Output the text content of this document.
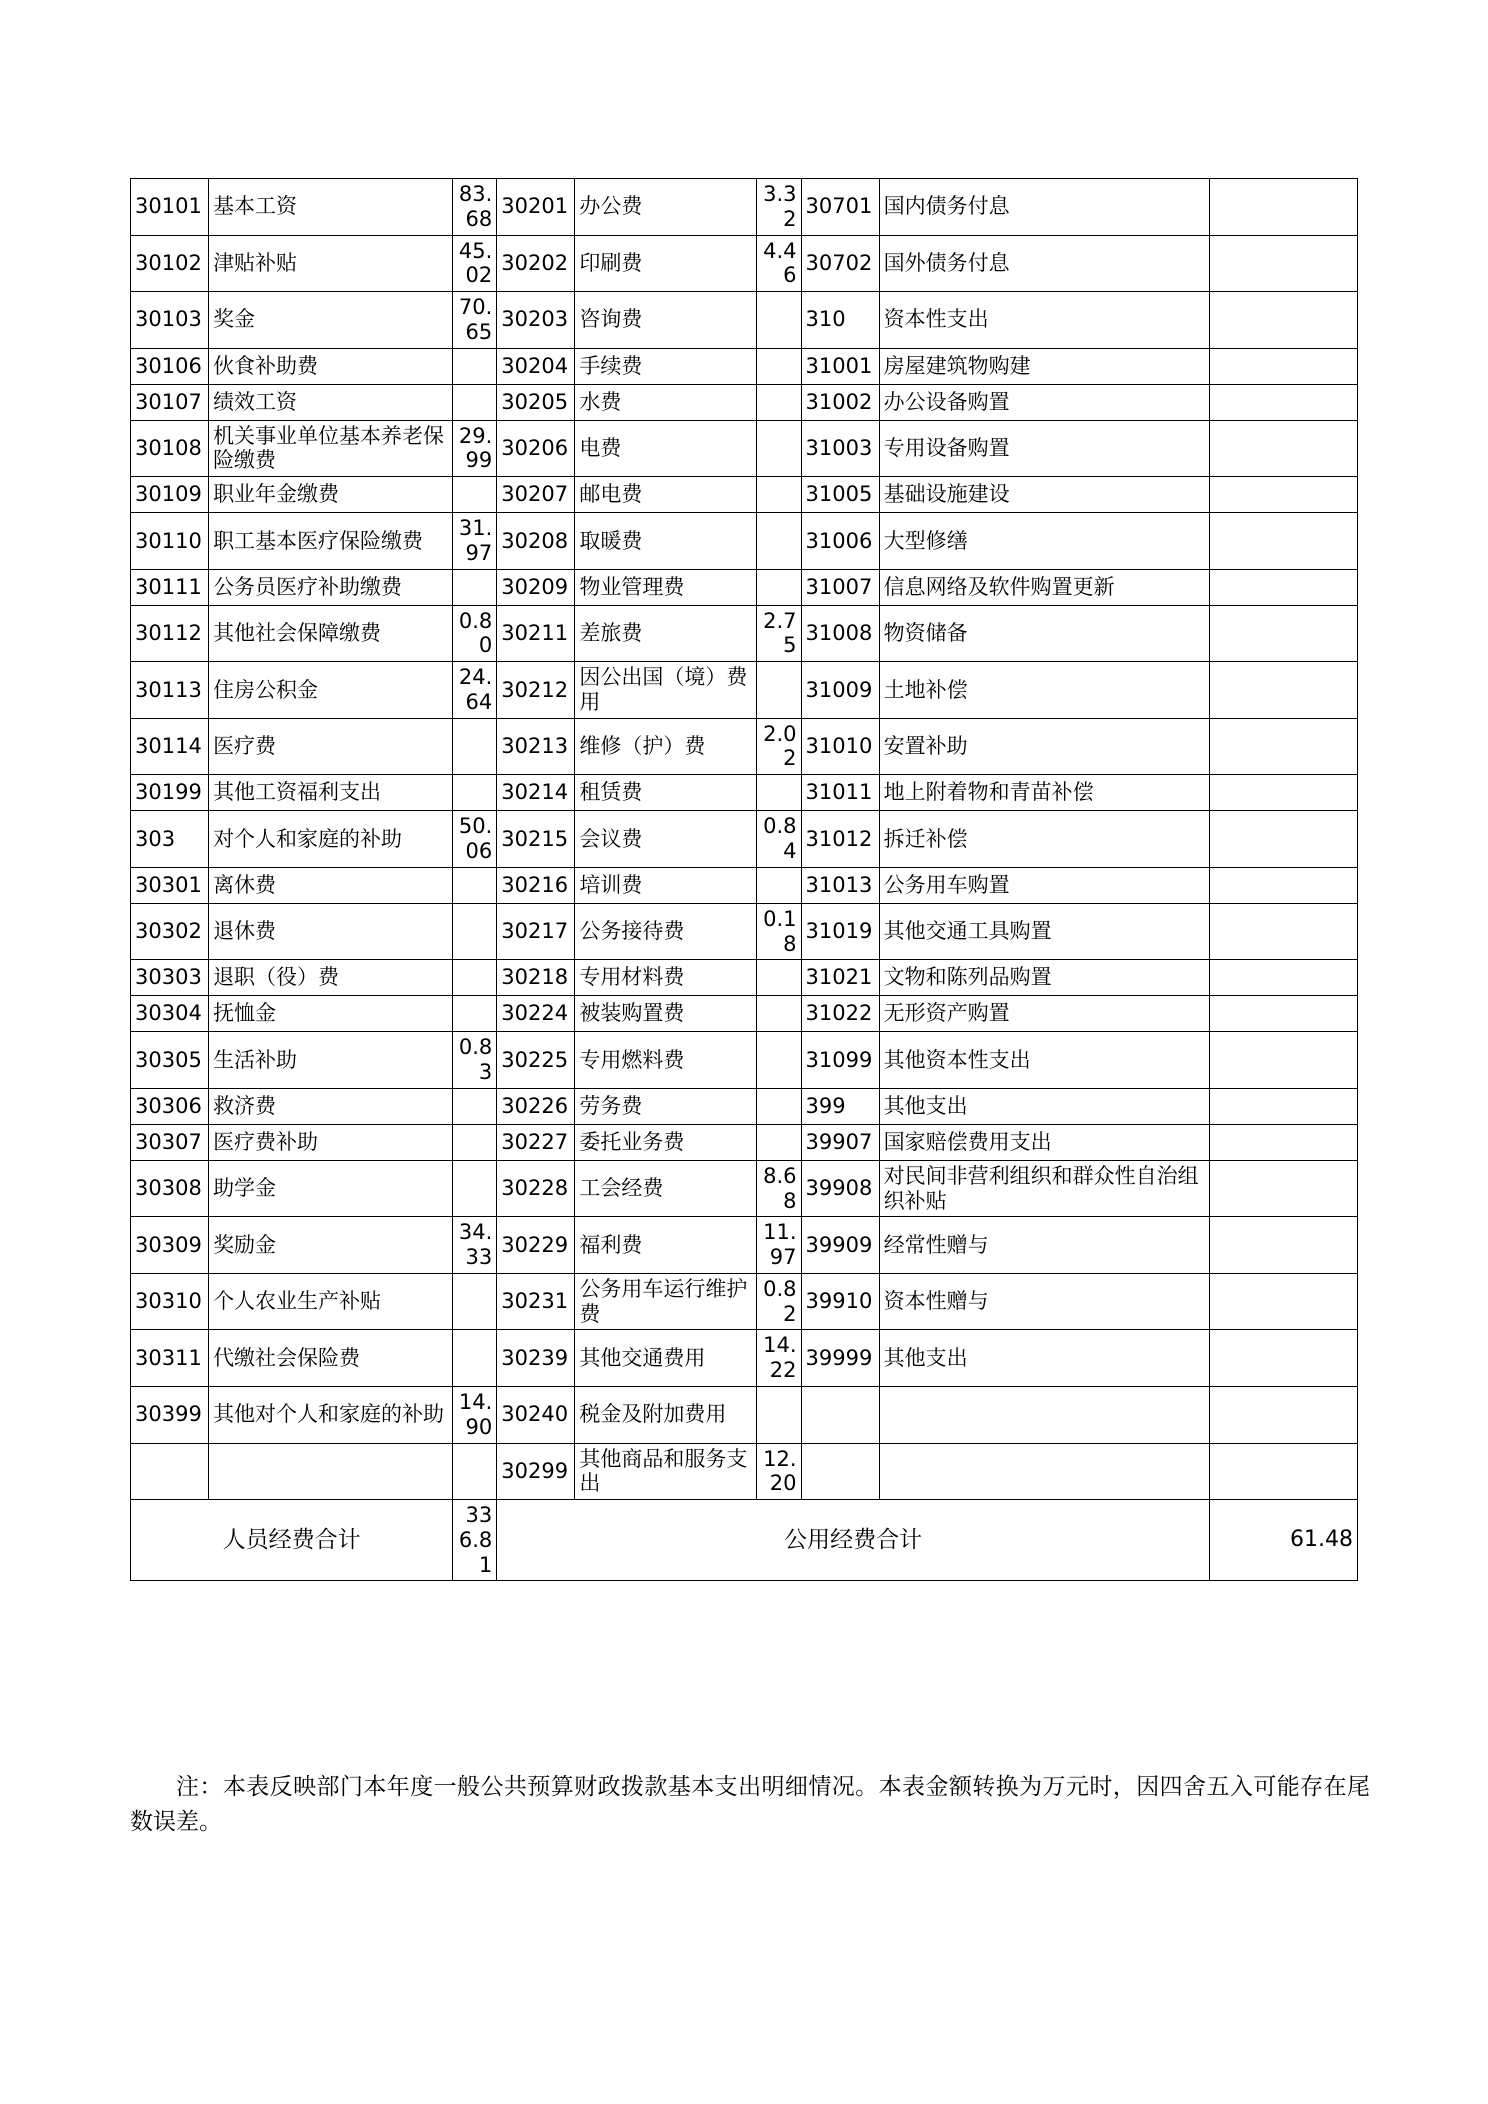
30101	基本工资	83.68	30201	办公费	3.32	30701	国内债务付息	
30102	津贴补贴	45.02	30202	印刷费	4.46	30702	国外债务付息	
30103	奖金	70.65	30203	咨询费		310	资本性支出	
30106	伙食补助费		30204	手续费		31001	房屋建筑物购建	
30107	绩效工资		30205	水费		31002	办公设备购置	
30108	机关事业单位基本养老保险缴费	29.99	30206	电费		31003	专用设备购置	
30109	职业年金缴费		30207	邮电费		31005	基础设施建设	
30110	职工基本医疗保险缴费	31.97	30208	取暖费		31006	大型修缮	
30111	公务员医疗补助缴费		30209	物业管理费		31007	信息网络及软件购置更新	
30112	其他社会保障缴费	0.80	30211	差旅费	2.75	31008	物资储备	
30113	住房公积金	24.64	30212	因公出国（境）费用		31009	土地补偿	
30114	医疗费		30213	维修（护）费	2.02	31010	安置补助	
30199	其他工资福利支出		30214	租赁费		31011	地上附着物和青苗补偿	
303	对个人和家庭的补助	50.06	30215	会议费	0.84	31012	拆迁补偿	
30301	离休费		30216	培训费		31013	公务用车购置	
30302	退休费		30217	公务接待费	0.18	31019	其他交通工具购置	
30303	退职（役）费		30218	专用材料费		31021	文物和陈列品购置	
30304	抚恤金		30224	被装购置费		31022	无形资产购置	
30305	生活补助	0.83	30225	专用燃料费		31099	其他资本性支出	
30306	救济费		30226	劳务费		399	其他支出	
30307	医疗费补助		30227	委托业务费		39907	国家赔偿费用支出	
30308	助学金		30228	工会经费	8.68	39908	对民间非营利组织和群众性自治组织补贴	
30309	奖励金	34.33	30229	福利费	11.97	39909	经常性赠与	
30310	个人农业生产补贴		30231	公务用车运行维护费	0.82	39910	资本性赠与	
30311	代缴社会保险费		30239	其他交通费用	14.22	39999	其他支出	
30399	其他对个人和家庭的补助	14.90	30240	税金及附加费用				
			30299	其他商品和服务支出	12.20			
人员经费合计		336.81	公用经费合计					61.48
注：本表反映部门本年度一般公共预算财政拨款基本支出明细情况。本表金额转换为万元时，因四舍五入可能存在尾数误差。
